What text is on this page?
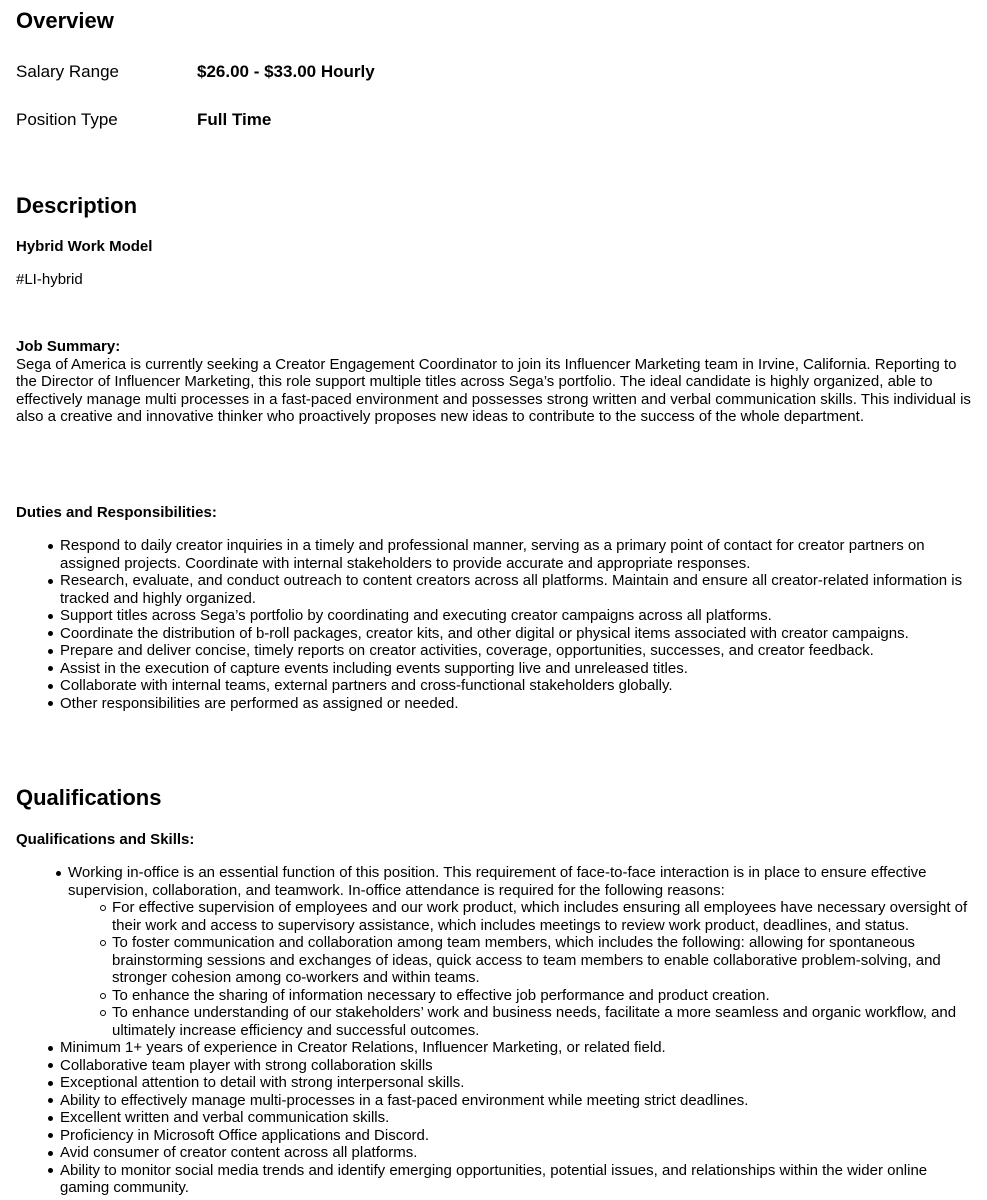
Overview
Salary Range	$26.00 - $33.00 Hourly
Position Type	Full Time
Description
Hybrid Work Model
#LI-hybrid
Job Summary:
Sega of America is currently seeking a Creator Engagement Coordinator to join its Influencer Marketing team in Irvine, California. Reporting to the Director of Influencer Marketing, this role support multiple titles across Sega’s portfolio. The ideal candidate is highly organized, able to effectively manage multi processes in a fast-paced environment and possesses strong written and verbal communication skills. This individual is also a creative and innovative thinker who proactively proposes new ideas to contribute to the success of the whole department.
Duties and Responsibilities:
Respond to daily creator inquiries in a timely and professional manner, serving as a primary point of contact for creator partners on assigned projects. Coordinate with internal stakeholders to provide accurate and appropriate responses.
Research, evaluate, and conduct outreach to content creators across all platforms. Maintain and ensure all creator-related information is tracked and highly organized.
Support titles across Sega’s portfolio by coordinating and executing creator campaigns across all platforms.
Coordinate the distribution of b-roll packages, creator kits, and other digital or physical items associated with creator campaigns.
Prepare and deliver concise, timely reports on creator activities, coverage, opportunities, successes, and creator feedback.
Assist in the execution of capture events including events supporting live and unreleased titles.
Collaborate with internal teams, external partners and cross-functional stakeholders globally.
Other responsibilities are performed as assigned or needed.
Qualifications
Qualifications and Skills:
Working in-office is an essential function of this position. This requirement of face-to-face interaction is in place to ensure effective supervision, collaboration, and teamwork. In-office attendance is required for the following reasons:
For effective supervision of employees and our work product, which includes ensuring all employees have necessary oversight of their work and access to supervisory assistance, which includes meetings to review work product, deadlines, and status.
To foster communication and collaboration among team members, which includes the following: allowing for spontaneous brainstorming sessions and exchanges of ideas, quick access to team members to enable collaborative problem-solving, and stronger cohesion among co-workers and within teams.
To enhance the sharing of information necessary to effective job performance and product creation.
To enhance understanding of our stakeholders’ work and business needs, facilitate a more seamless and organic workflow, and ultimately increase efficiency and successful outcomes.
Minimum 1+ years of experience in Creator Relations, Influencer Marketing, or related field.
Collaborative team player with strong collaboration skills
Exceptional attention to detail with strong interpersonal skills.
Ability to effectively manage multi-processes in a fast-paced environment while meeting strict deadlines.
Excellent written and verbal communication skills.
Proficiency in Microsoft Office applications and Discord.
Avid consumer of creator content across all platforms.
Ability to monitor social media trends and identify emerging opportunities, potential issues, and relationships within the wider online gaming community.
